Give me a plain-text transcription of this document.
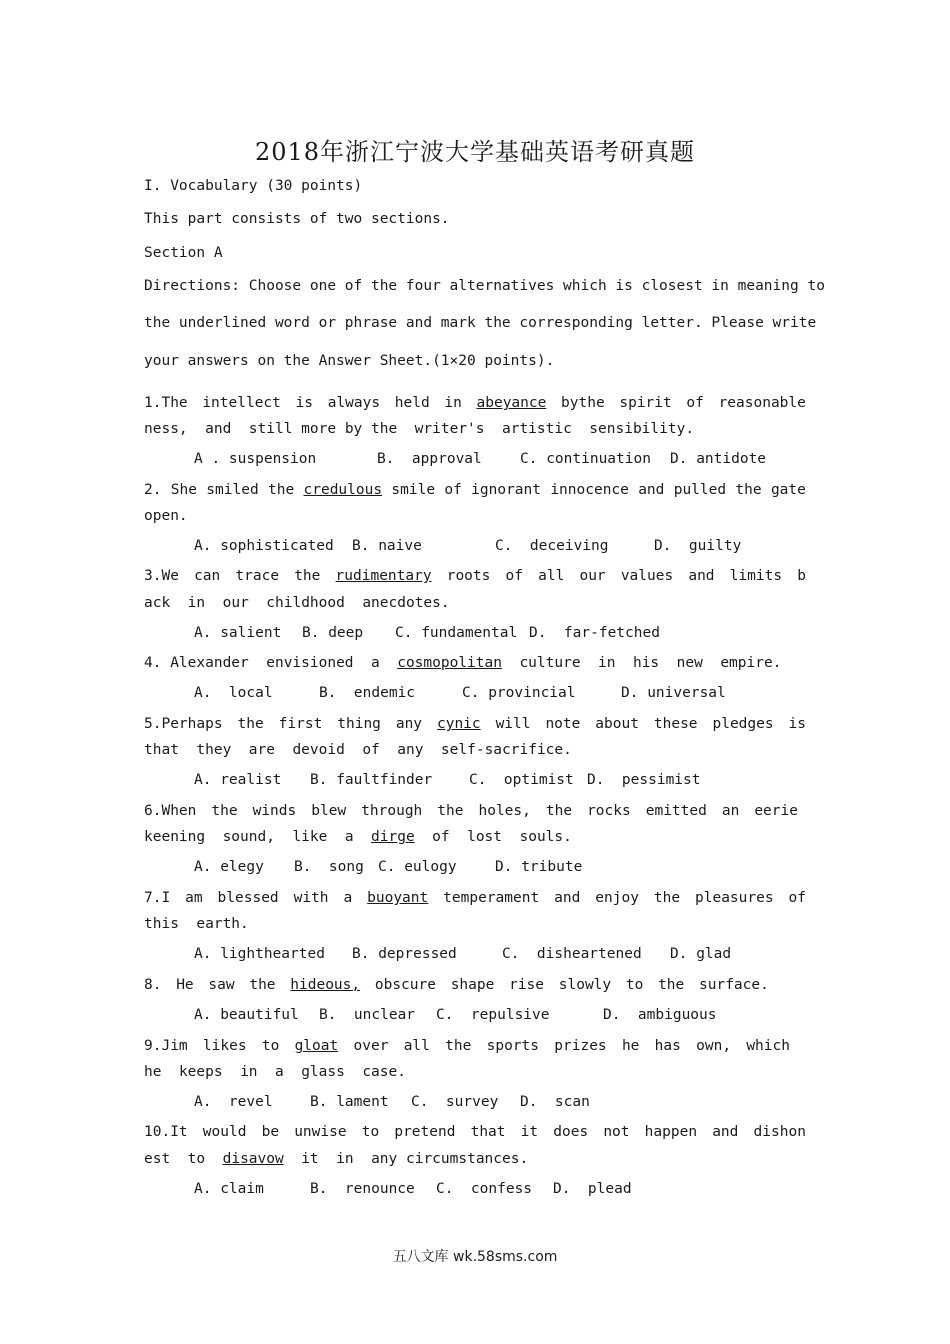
2018年浙江宁波大学基础英语考研真题
I. Vocabulary (30 points)
This part consists of two sections.
Section A
Directions: Choose one of the four alternatives which is closest in meaning to
the underlined word or phrase and mark the corresponding letter. Please write
your answers on the Answer Sheet.(1×20 points).
1.The intellect is always held in abeyance bythe spirit of reasonable
ness, and still more by the writer's artistic sensibility.
A . suspension	B.  approval	C. continuation	D. antidote
2. She smiled the credulous smile of ignorant innocence and pulled the gate
open.
A. sophisticated	B. naive	C.  deceiving	D.  guilty
3.We can trace the rudimentary roots of all our values and limits b
ack in our childhood anecdotes.
A. salient	B. deep	C. fundamental D.  far-fetched
4. Alexander envisioned a cosmopolitan culture in his new empire.
A.  local	B.  endemic	C. provincial	D. universal
5.Perhaps the first thing any cynic will note about these pledges is
that they are devoid of any self-sacrifice.
A. realist	B. faultfinder	C.  optimist D.  pessimist
6.When the winds blew through the holes, the rocks emitted an eerie
keening sound, like a dirge of lost souls.
A. elegy	B.  song C. eulogy	D. tribute
7.I am blessed with a buoyant temperament and enjoy the pleasures of
this earth.
A. lighthearted	B. depressed	C.  disheartened	D. glad
8. He saw the hideous, obscure shape rise slowly to the surface.
A. beautiful	B.  unclear	C.  repulsive	D.  ambiguous
9.Jim likes to gloat over all the sports prizes he has own, which
he keeps in a glass case.
A.  revel	B. lament	C.  survey	D.  scan
10.It would be unwise to pretend that it does not happen and dishon
est to disavow it in any circumstances.
A. claim	B.  renounce	C.  confess	D.  plead
五八文库 wk.58sms.com
